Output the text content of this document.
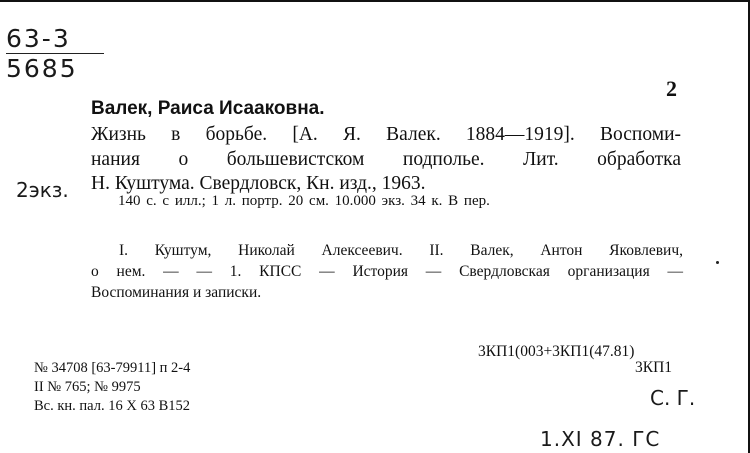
63-3
5685
2
Валек, Раиса Исааковна.
Жизнь в борьбе. [А. Я. Валек. 1884—1919]. Воспоми-
нания о большевистском подполье. Лит. обработка
Н. Куштума. Свердловск, Кн. изд., 1963.
2экз.	140 с. с илл.; 1 л. портр. 20 см. 10.000 экз. 34 к. В пер.
I. Куштум, Николай Алексеевич. II. Валек, Антон Яковлевич,
о нем. — — 1. КПСС — История — Свердловская организация —
Воспоминания и записки.
3КП1(003+3КП1(47.81)
3КП1
С. Г.
№ 34708 [63-79911] п 2-4
II № 765; № 9975
Вс. кн. пал. 16 X 63 В152
1.XI 87. ГС
